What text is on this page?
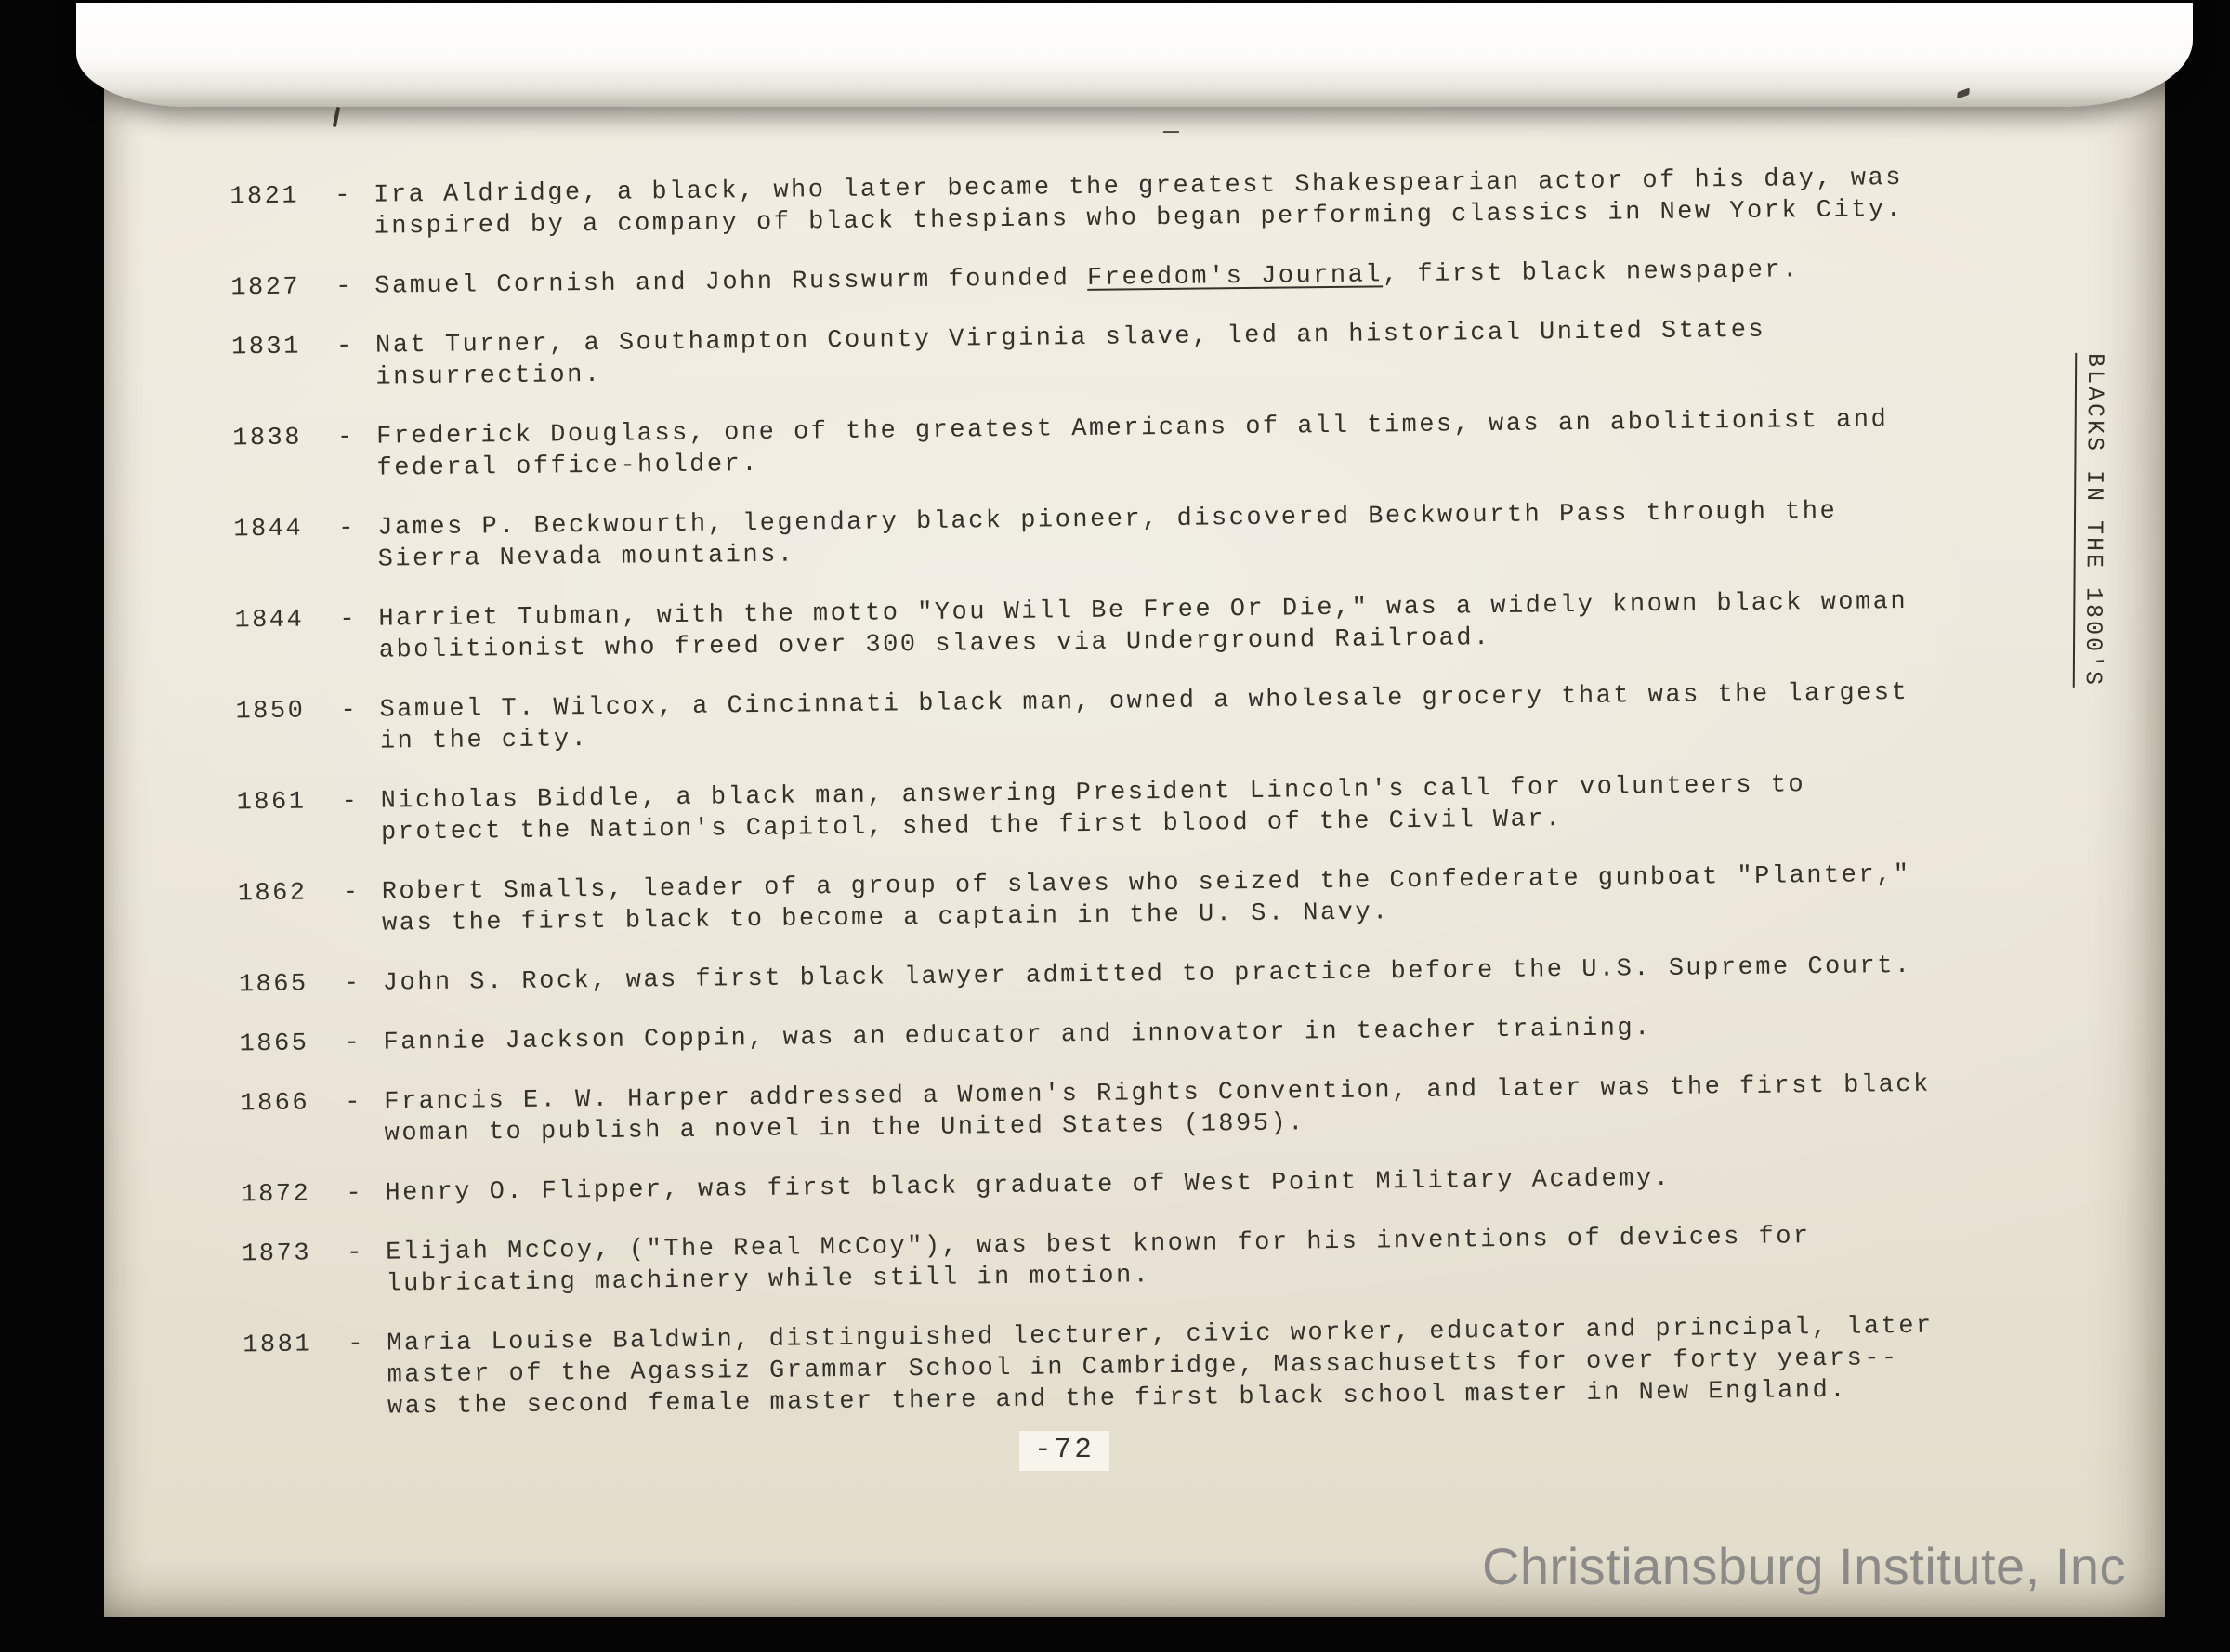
—
1821	- Ira Aldridge, a black, who later became the greatest Shakespearian actor of his day, was inspired by a company of black thespians who began performing classics in New York City.
1827	- Samuel Cornish and John Russwurm founded Freedom's Journal, first black newspaper.
1831	- Nat Turner, a Southampton County Virginia slave, led an historical United States insurrection.
1838	- Frederick Douglass, one of the greatest Americans of all times, was an abolitionist and federal office-holder.
1844	- James P. Beckwourth, legendary black pioneer, discovered Beckwourth Pass through the Sierra Nevada mountains.
1844	- Harriet Tubman, with the motto "You Will Be Free Or Die," was a widely known black woman abolitionist who freed over 300 slaves via Underground Railroad.
1850	- Samuel T. Wilcox, a Cincinnati black man, owned a wholesale grocery that was the largest in the city.
1861	- Nicholas Biddle, a black man, answering President Lincoln's call for volunteers to protect the Nation's Capitol, shed the first blood of the Civil War.
1862	- Robert Smalls, leader of a group of slaves who seized the Confederate gunboat "Planter," was the first black to become a captain in the U. S. Navy.
1865	- John S. Rock, was first black lawyer admitted to practice before the U.S. Supreme Court.
1865	- Fannie Jackson Coppin, was an educator and innovator in teacher training.
1866	- Francis E. W. Harper addressed a Women's Rights Convention, and later was the first black woman to publish a novel in the United States (1895).
1872	- Henry O. Flipper, was first black graduate of West Point Military Academy.
1873	- Elijah McCoy, ("The Real McCoy"), was best known for his inventions of devices for lubricating machinery while still in motion.
1881	- Maria Louise Baldwin, distinguished lecturer, civic worker, educator and principal, later master of the Agassiz Grammar School in Cambridge, Massachusetts for over forty years--was the second female master there and the first black school master in New England.
BLACKS IN THE 1800'S
-72
Christiansburg Institute, Inc
